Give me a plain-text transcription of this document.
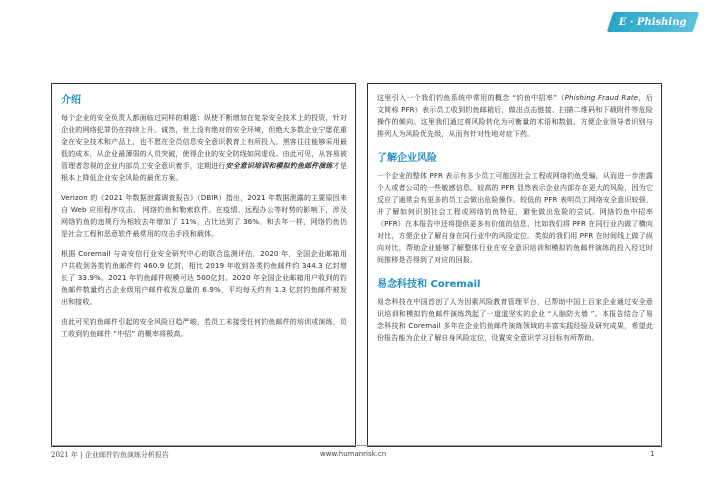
E · Phishing
介绍

每个企业的安全负责人都面临过同样的难题：纵使不断增加在复杂安全技术上的投资，针对企业的网络犯罪仍在持续上升。诚然，世上没有绝对的安全环境，但绝大多数企业宁愿花重金在安全技术和产品上，也不愿在全员信息安全意识教育上有所投入。黑客往往能够采用最低的成本，从企业最薄弱的人员突破，使得企业的安全防线如同虚设。由此可见，从容易被管理者忽视的企业内部员工安全意识着手，定期进行安全意识培训和模拟钓鱼邮件演练才是根本上降低企业安全风险的最优方案。

Verizon 的《2021 年数据泄露调查报告》（DBIR）指出，2021 年数据泄露的主要原因来自 Web 应用程序攻击、 网络钓鱼和勒索软件。在疫情、远程办公等时势的影响下，涉及网络钓鱼的违规行为相较去年增加了 11%，占比达到了 36%。和去年一样，网络钓鱼仍是社会工程和恶意软件最常用的攻击手段和载体。

根据 Coremail 与奇安信行业安全研究中心的联合监测评估，2020 年，全国企业邮箱用户共收到各类钓鱼邮件约 460.9 亿封，相比 2019 年收到各类钓鱼邮件约 344.3 亿封增长了 33.9%。2021 年钓鱼邮件规模可达 500亿封。2020 年全国企业邮箱用户收到的钓鱼邮件数量约占企业级用户邮件收发总量的 6.9%，平均每天约有 1.3 亿封钓鱼邮件被发出和接收。

由此可见钓鱼邮件引起的安全风险日趋严峻，若员工未接受任何钓鱼邮件的培训或演练，员工收到钓鱼邮件 “中招” 的概率将极高。

这里引入一个我们钓鱼系统中常用的概念 “钓鱼中招率”（Phishing Fraud Rate，后文简称 PFR）表示员工收到钓鱼邮箱后，做出点击链接、扫描二维码和下载附件等危险操作的倾向。这里我们通过将风险转化为可衡量的术语和数值，方便企业领导者识别与排列人为风险优先级，从而有针对性地对症下药。

了解企业风险

一个企业的整体 PFR 表示有多少员工可能因社会工程或网络钓鱼受骗，从而进一步泄露个人或者公司的一些敏感信息。较高的 PFR 显然表示企业内部存在更大的风险，因为它反应了通常会有更多的员工会做出危险操作。较低的 PFR 表明员工网络安全意识较强，并了解如何识别社会工程或网络钓鱼特征，避免做出危险的尝试。网络钓鱼中招率（PFR）在本报告中还将提供更多有价值的信息，比如我们将 PFR 在同行业内做了横向对比，方便企业了解自身在同行业中的风险定位。类似的我们用 PFR 在时间线上做了纵向对比，帮助企业能够了解整体行业在安全意识培训和模拟钓鱼邮件演练的投入经过时间推移是否得到了对应的回报。

易念科技和 Coremail

易念科技在中国首创了人为因素风险教育管理平台，已帮助中国上百家企业通过安全意识培训和模拟钓鱼邮件演练筑起了一道道坚实的企业 “人脑防火墙 ”。本报告结合了易念科技和 Coremail 多年在企业钓鱼邮件演练领域的丰富实践经验及研究成果，希望此份报告能为企业了解自身风险定位，设置安全意识学习目标有所帮助。

2021 年 | 企业邮件钓鱼演练分析报告	www.humanrisk.cn	1
